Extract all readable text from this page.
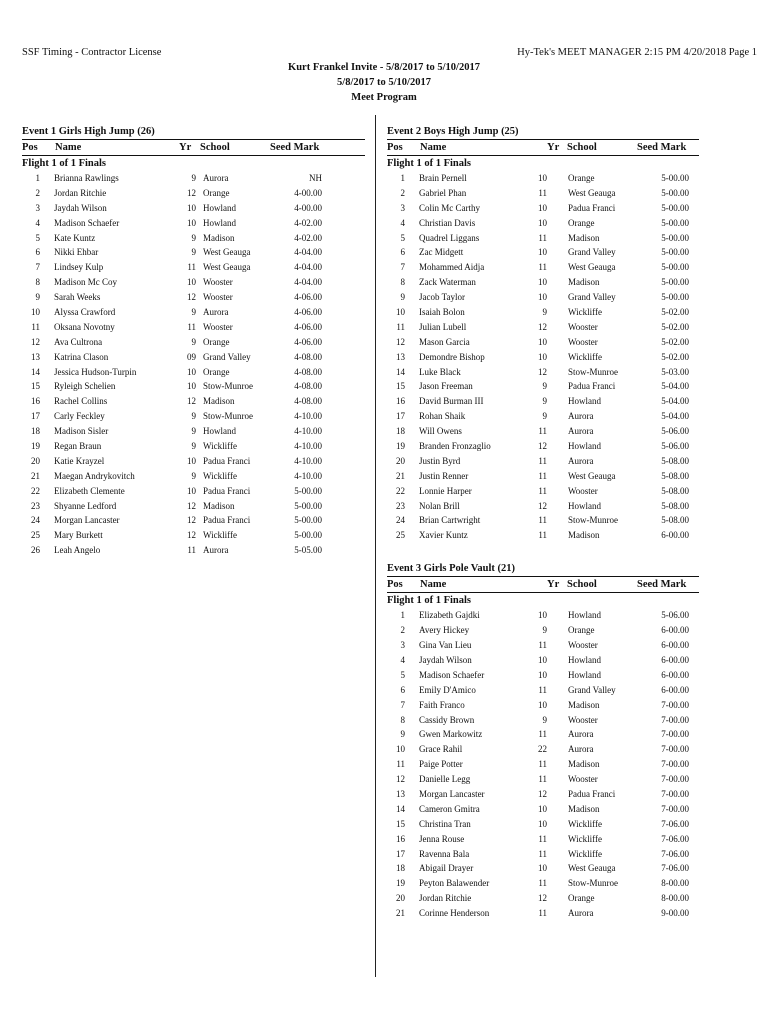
SSF Timing - Contractor License	Hy-Tek's MEET MANAGER 2:15 PM 4/20/2018 Page 1
Kurt Frankel Invite - 5/8/2017 to 5/10/2017
5/8/2017 to 5/10/2017
Meet Program
Event 1 Girls High Jump (26)
Pos Name	Yr School	Seed Mark
Flight 1 of 1 Finals
1 Brianna Rawlings	9 Aurora	NH
2 Jordan Ritchie	12 Orange	4-00.00
3 Jaydah Wilson	10 Howland	4-00.00
4 Madison Schaefer	10 Howland	4-02.00
5 Kate Kuntz	9 Madison	4-02.00
6 Nikki Ehbar	9 West Geauga	4-04.00
7 Lindsey Kulp	11 West Geauga	4-04.00
8 Madison Mc Coy	10 Wooster	4-04.00
9 Sarah Weeks	12 Wooster	4-06.00
10 Alyssa Crawford	9 Aurora	4-06.00
11 Oksana Novotny	11 Wooster	4-06.00
12 Ava Cultrona	9 Orange	4-06.00
13 Katrina Clason	09 Grand Valley	4-08.00
14 Jessica Hudson-Turpin	10 Orange	4-08.00
15 Ryleigh Schelien	10 Stow-Munroe	4-08.00
16 Rachel Collins	12 Madison	4-08.00
17 Carly Feckley	9 Stow-Munroe	4-10.00
18 Madison Sisler	9 Howland	4-10.00
19 Regan Braun	9 Wickliffe	4-10.00
20 Katie Krayzel	10 Padua Franci	4-10.00
21 Maegan Andrykovitch	9 Wickliffe	4-10.00
22 Elizabeth Clemente	10 Padua Franci	5-00.00
23 Shyanne Ledford	12 Madison	5-00.00
24 Morgan Lancaster	12 Padua Franci	5-00.00
25 Mary Burkett	12 Wickliffe	5-00.00
26 Leah Angelo	11 Aurora	5-05.00
Event 2 Boys High Jump (25)
Pos Name	Yr School	Seed Mark
Flight 1 of 1 Finals
1 Brain Pernell	10 Orange	5-00.00
2 Gabriel Phan	11 West Geauga	5-00.00
3 Colin Mc Carthy	10 Padua Franci	5-00.00
4 Christian Davis	10 Orange	5-00.00
5 Quadrel Liggans	11 Madison	5-00.00
6 Zac Midgett	10 Grand Valley	5-00.00
7 Mohammed Aidja	11 West Geauga	5-00.00
8 Zack Waterman	10 Madison	5-00.00
9 Jacob Taylor	10 Grand Valley	5-00.00
10 Isaiah Bolon	9 Wickliffe	5-02.00
11 Julian Lubell	12 Wooster	5-02.00
12 Mason Garcia	10 Wooster	5-02.00
13 Demondre Bishop	10 Wickliffe	5-02.00
14 Luke Black	12 Stow-Munroe	5-03.00
15 Jason Freeman	9 Padua Franci	5-04.00
16 David Burman III	9 Howland	5-04.00
17 Rohan Shaik	9 Aurora	5-04.00
18 Will Owens	11 Aurora	5-06.00
19 Branden Fronzaglio	12 Howland	5-06.00
20 Justin Byrd	11 Aurora	5-08.00
21 Justin Renner	11 West Geauga	5-08.00
22 Lonnie Harper	11 Wooster	5-08.00
23 Nolan Brill	12 Howland	5-08.00
24 Brian Cartwright	11 Stow-Munroe	5-08.00
25 Xavier Kuntz	11 Madison	6-00.00
Event 3 Girls Pole Vault (21)
Pos Name	Yr School	Seed Mark
Flight 1 of 1 Finals
1 Elizabeth Gajdki	10 Howland	5-06.00
2 Avery Hickey	9 Orange	6-00.00
3 Gina Van Lieu	11 Wooster	6-00.00
4 Jaydah Wilson	10 Howland	6-00.00
5 Madison Schaefer	10 Howland	6-00.00
6 Emily D'Amico	11 Grand Valley	6-00.00
7 Faith Franco	10 Madison	7-00.00
8 Cassidy Brown	9 Wooster	7-00.00
9 Gwen Markowitz	11 Aurora	7-00.00
10 Grace Rahil	22 Aurora	7-00.00
11 Paige Potter	11 Madison	7-00.00
12 Danielle Legg	11 Wooster	7-00.00
13 Morgan Lancaster	12 Padua Franci	7-00.00
14 Cameron Gmitra	10 Madison	7-00.00
15 Christina Tran	10 Wickliffe	7-06.00
16 Jenna Rouse	11 Wickliffe	7-06.00
17 Ravenna Bala	11 Wickliffe	7-06.00
18 Abigail Drayer	10 West Geauga	7-06.00
19 Peyton Balawender	11 Stow-Munroe	8-00.00
20 Jordan Ritchie	12 Orange	8-00.00
21 Corinne Henderson	11 Aurora	9-00.00
